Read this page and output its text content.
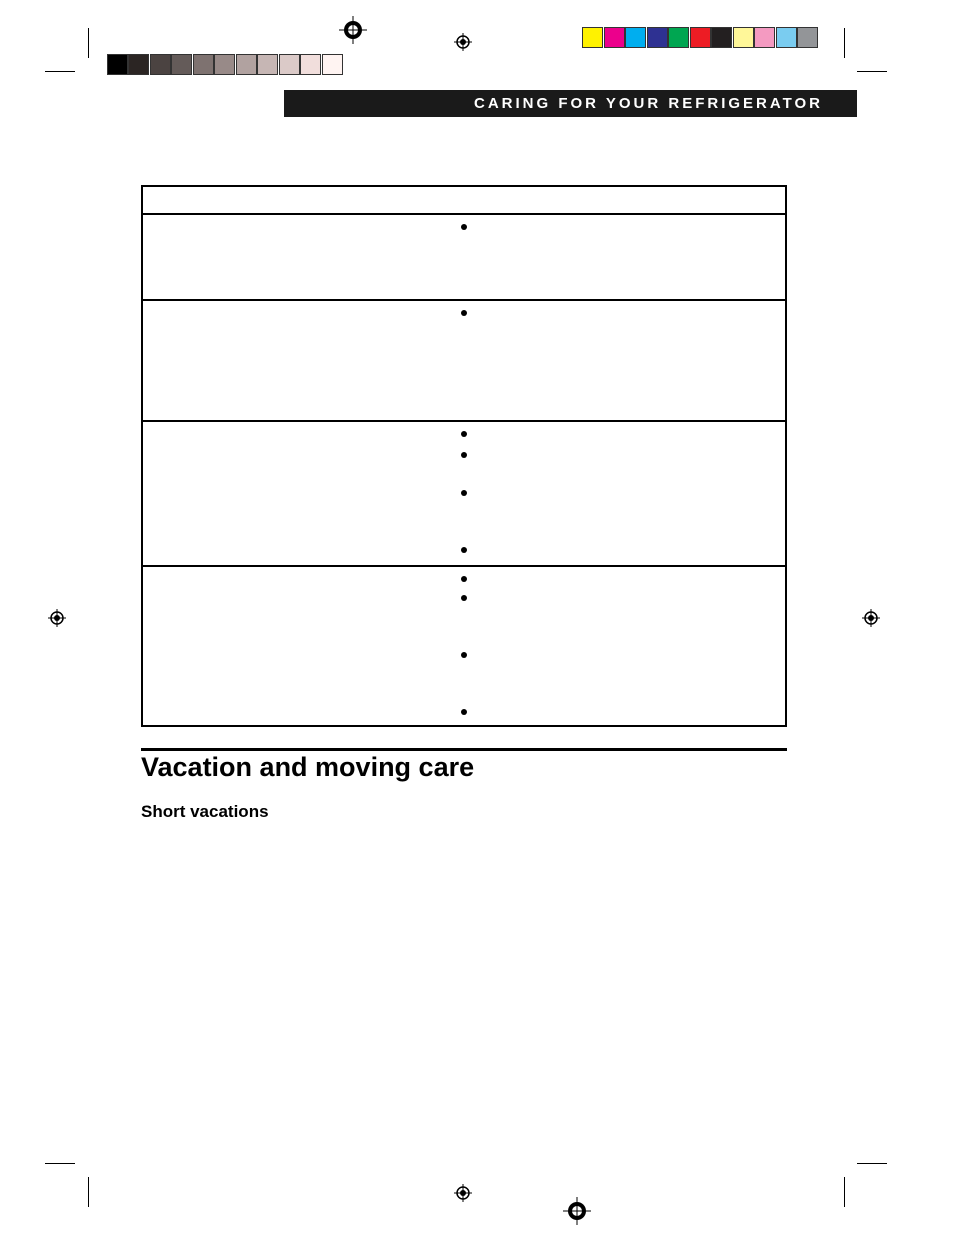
CARING FOR YOUR REFRIGERATOR
Vacation and moving care
Short vacations
